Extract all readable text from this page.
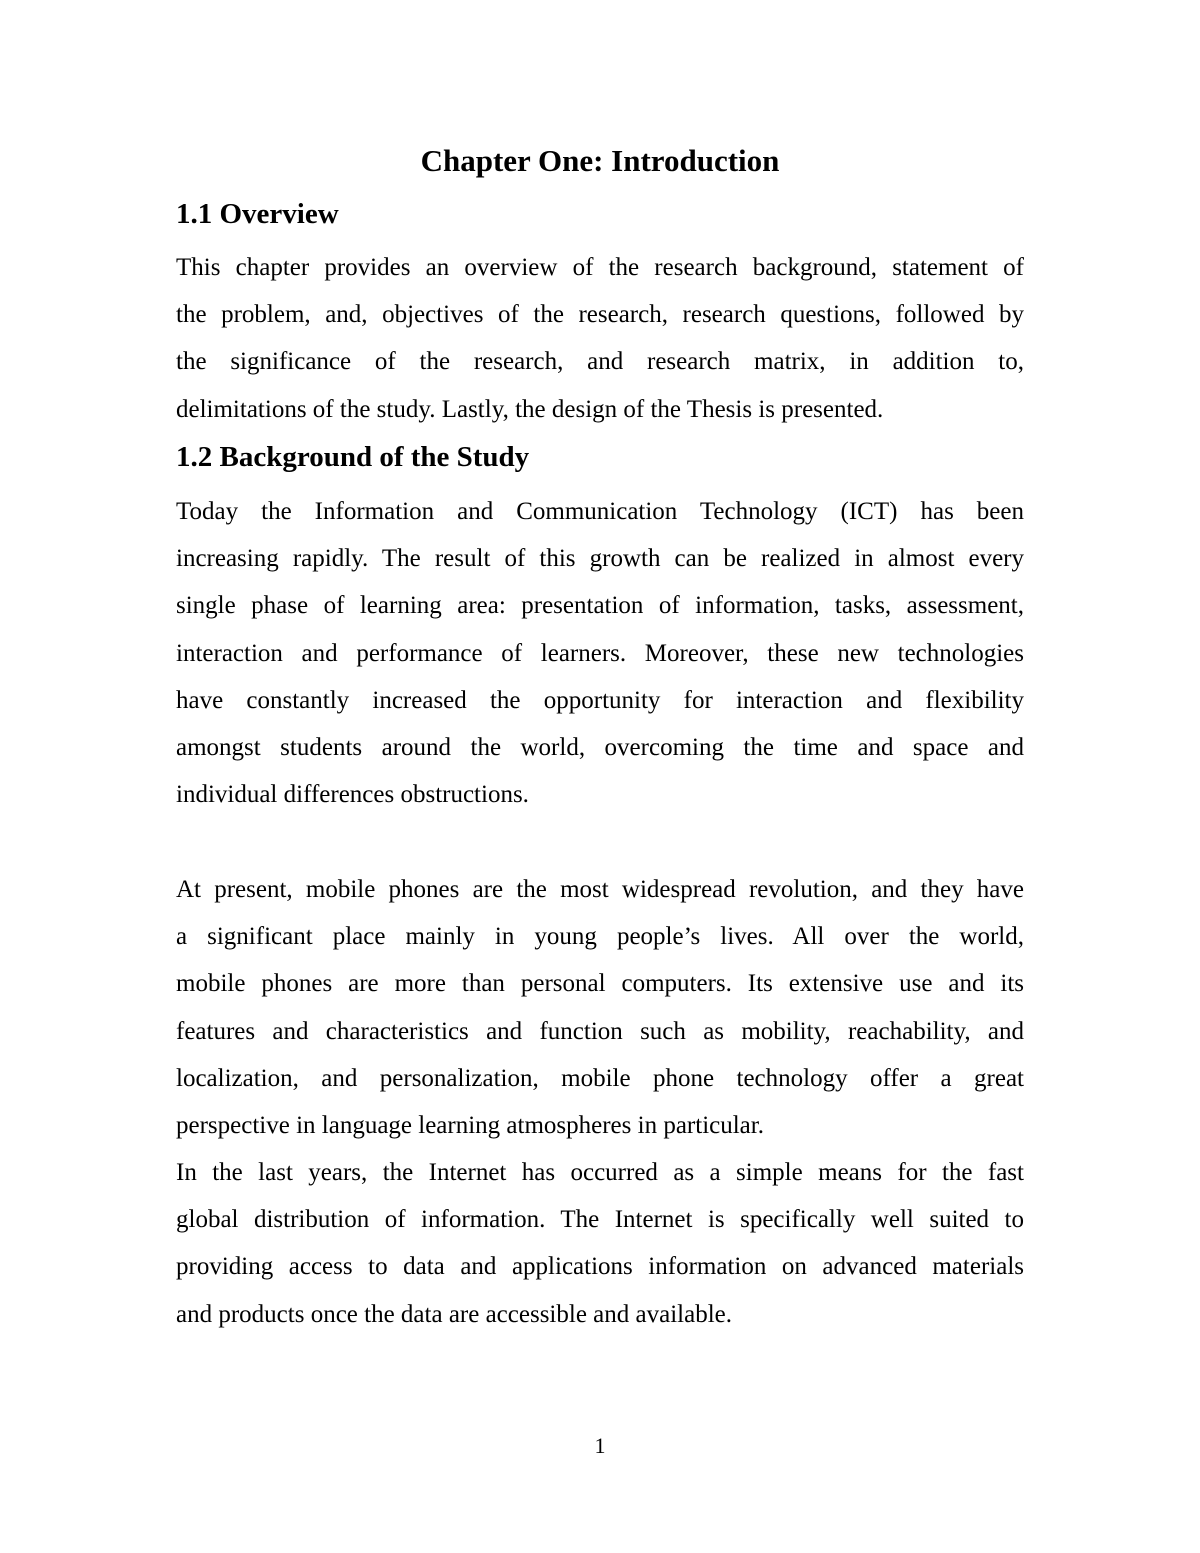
Chapter One: Introduction
1.1 Overview

This chapter provides an overview of the research background, statement of
the problem, and, objectives of the research, research questions, followed by
the significance of the research, and research matrix, in addition to,
delimitations of the study. Lastly, the design of the Thesis is presented.

1.2 Background of the Study

Today the Information and Communication Technology (ICT) has been
increasing rapidly. The result of this growth can be realized in almost every
single phase of learning area: presentation of information, tasks, assessment,
interaction and performance of learners. Moreover, these new technologies
have constantly increased the opportunity for interaction and flexibility
amongst students around the world, overcoming the time and space and
individual differences obstructions.

At present, mobile phones are the most widespread revolution, and they have
a significant place mainly in young people’s lives. All over the world,
mobile phones are more than personal computers. Its extensive use and its
features and characteristics and function such as mobility, reachability, and
localization, and personalization, mobile phone technology offer a great
perspective in language learning atmospheres in particular.

In the last years, the Internet has occurred as a simple means for the fast
global distribution of information. The Internet is specifically well suited to
providing access to data and applications information on advanced materials
and products once the data are accessible and available.

1
